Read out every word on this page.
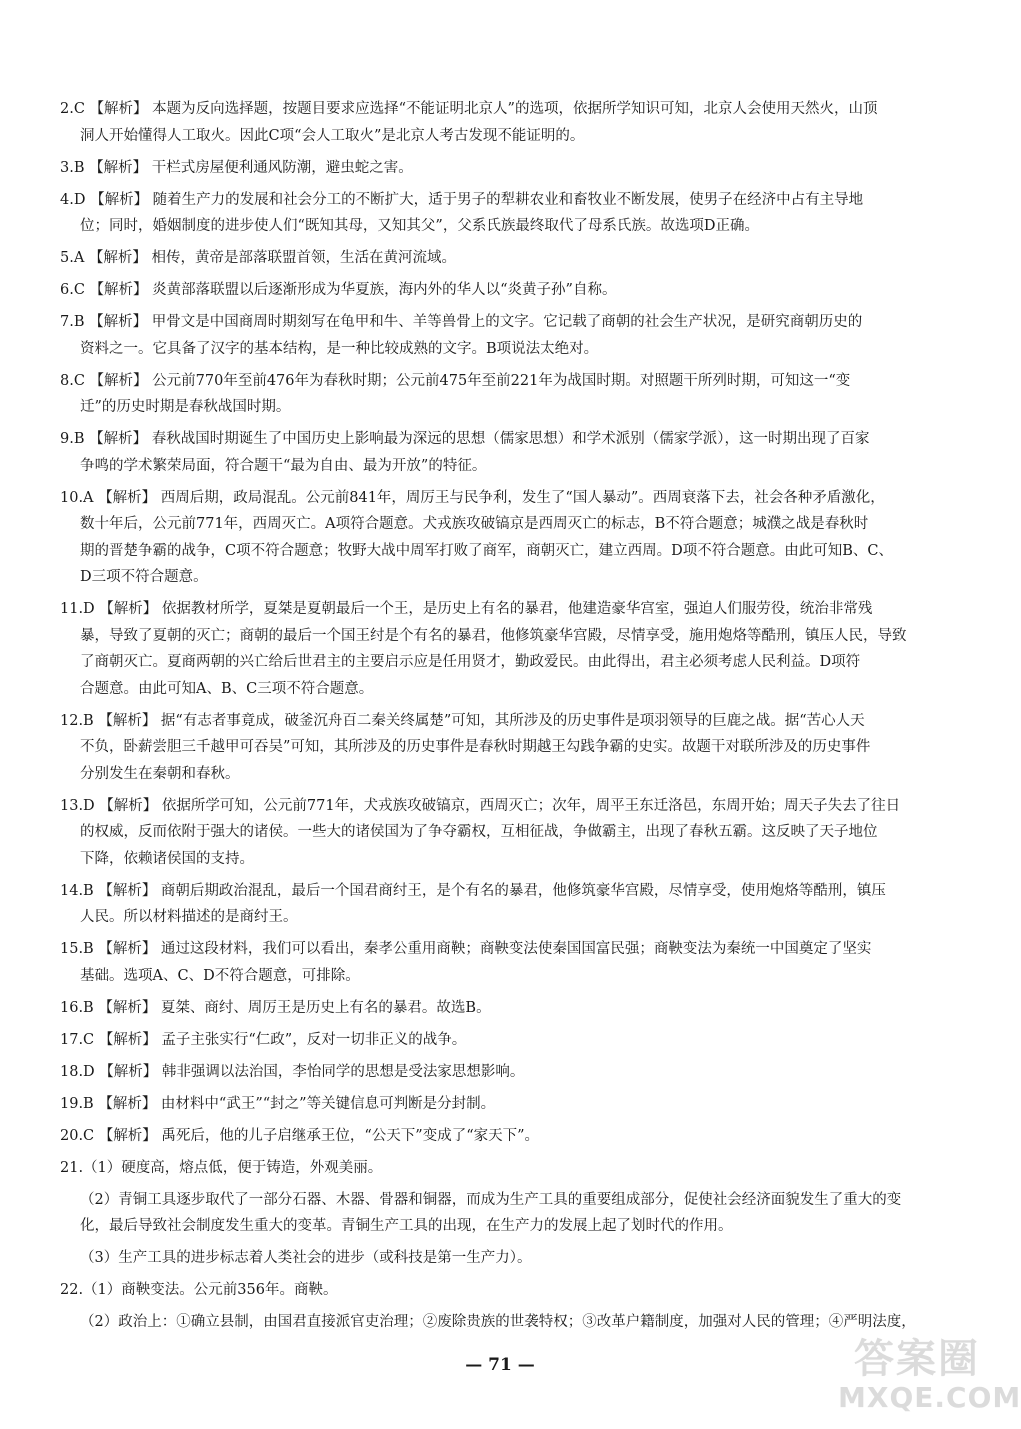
2.C 【解析】 本题为反向选择题，按题目要求应选择“不能证明北京人”的选项，依据所学知识可知，北京人会使用天然火，山顶
洞人开始懂得人工取火。因此C项“会人工取火”是北京人考古发现不能证明的。
3.B 【解析】 干栏式房屋便利通风防潮，避虫蛇之害。
4.D 【解析】 随着生产力的发展和社会分工的不断扩大，适于男子的犁耕农业和畜牧业不断发展，使男子在经济中占有主导地
位；同时，婚姻制度的进步使人们“既知其母，又知其父”，父系氏族最终取代了母系氏族。故选项D正确。
5.A 【解析】 相传，黄帝是部落联盟首领，生活在黄河流域。
6.C 【解析】 炎黄部落联盟以后逐渐形成为华夏族，海内外的华人以“炎黄子孙”自称。
7.B 【解析】 甲骨文是中国商周时期刻写在龟甲和牛、羊等兽骨上的文字。它记载了商朝的社会生产状况，是研究商朝历史的
资料之一。它具备了汉字的基本结构，是一种比较成熟的文字。B项说法太绝对。
8.C 【解析】 公元前770年至前476年为春秋时期；公元前475年至前221年为战国时期。对照题干所列时期，可知这一“变
迁”的历史时期是春秋战国时期。
9.B 【解析】 春秋战国时期诞生了中国历史上影响最为深远的思想（儒家思想）和学术派别（儒家学派），这一时期出现了百家
争鸣的学术繁荣局面，符合题干“最为自由、最为开放”的特征。
10.A 【解析】 西周后期，政局混乱。公元前841年，周厉王与民争利，发生了“国人暴动”。西周衰落下去，社会各种矛盾激化，
数十年后，公元前771年，西周灭亡。A项符合题意。犬戎族攻破镐京是西周灭亡的标志，B不符合题意；城濮之战是春秋时
期的晋楚争霸的战争，C项不符合题意；牧野大战中周军打败了商军，商朝灭亡，建立西周。D项不符合题意。由此可知B、C、
D三项不符合题意。
11.D 【解析】 依据教材所学，夏桀是夏朝最后一个王，是历史上有名的暴君，他建造豪华宫室，强迫人们服劳役，统治非常残
暴，导致了夏朝的灭亡；商朝的最后一个国王纣是个有名的暴君，他修筑豪华宫殿，尽情享受，施用炮烙等酷刑，镇压人民，导致
了商朝灭亡。夏商两朝的兴亡给后世君主的主要启示应是任用贤才，勤政爱民。由此得出，君主必须考虑人民利益。D项符
合题意。由此可知A、B、C三项不符合题意。
12.B 【解析】 据“有志者事竟成，破釜沉舟百二秦关终属楚”可知，其所涉及的历史事件是项羽领导的巨鹿之战。据“苦心人天
不负，卧薪尝胆三千越甲可吞吴”可知，其所涉及的历史事件是春秋时期越王勾践争霸的史实。故题干对联所涉及的历史事件
分别发生在秦朝和春秋。
13.D 【解析】 依据所学可知，公元前771年，犬戎族攻破镐京，西周灭亡；次年，周平王东迁洛邑，东周开始；周天子失去了往日
的权威，反而依附于强大的诸侯。一些大的诸侯国为了争夺霸权，互相征战，争做霸主，出现了春秋五霸。这反映了天子地位
下降，依赖诸侯国的支持。
14.B 【解析】 商朝后期政治混乱，最后一个国君商纣王，是个有名的暴君，他修筑豪华宫殿，尽情享受，使用炮烙等酷刑，镇压
人民。所以材料描述的是商纣王。
15.B 【解析】 通过这段材料，我们可以看出，秦孝公重用商鞅；商鞅变法使秦国国富民强；商鞅变法为秦统一中国奠定了坚实
基础。选项A、C、D不符合题意，可排除。
16.B 【解析】 夏桀、商纣、周厉王是历史上有名的暴君。故选B。
17.C 【解析】 孟子主张实行“仁政”，反对一切非正义的战争。
18.D 【解析】 韩非强调以法治国，李怡同学的思想是受法家思想影响。
19.B 【解析】 由材料中“武王”“封之”等关键信息可判断是分封制。
20.C 【解析】 禹死后，他的儿子启继承王位，“公天下”变成了“家天下”。
21.（1）硬度高，熔点低，便于铸造，外观美丽。
（2）青铜工具逐步取代了一部分石器、木器、骨器和铜器，而成为生产工具的重要组成部分，促使社会经济面貌发生了重大的变
化，最后导致社会制度发生重大的变革。青铜生产工具的出现，在生产力的发展上起了划时代的作用。
（3）生产工具的进步标志着人类社会的进步（或科技是第一生产力）。
22.（1）商鞅变法。公元前356年。商鞅。
（2）政治上：①确立县制，由国君直接派官吏治理；②废除贵族的世袭特权；③改革户籍制度，加强对人民的管理；④严明法度，
— 71 —	答案圈
MXQE.COM
